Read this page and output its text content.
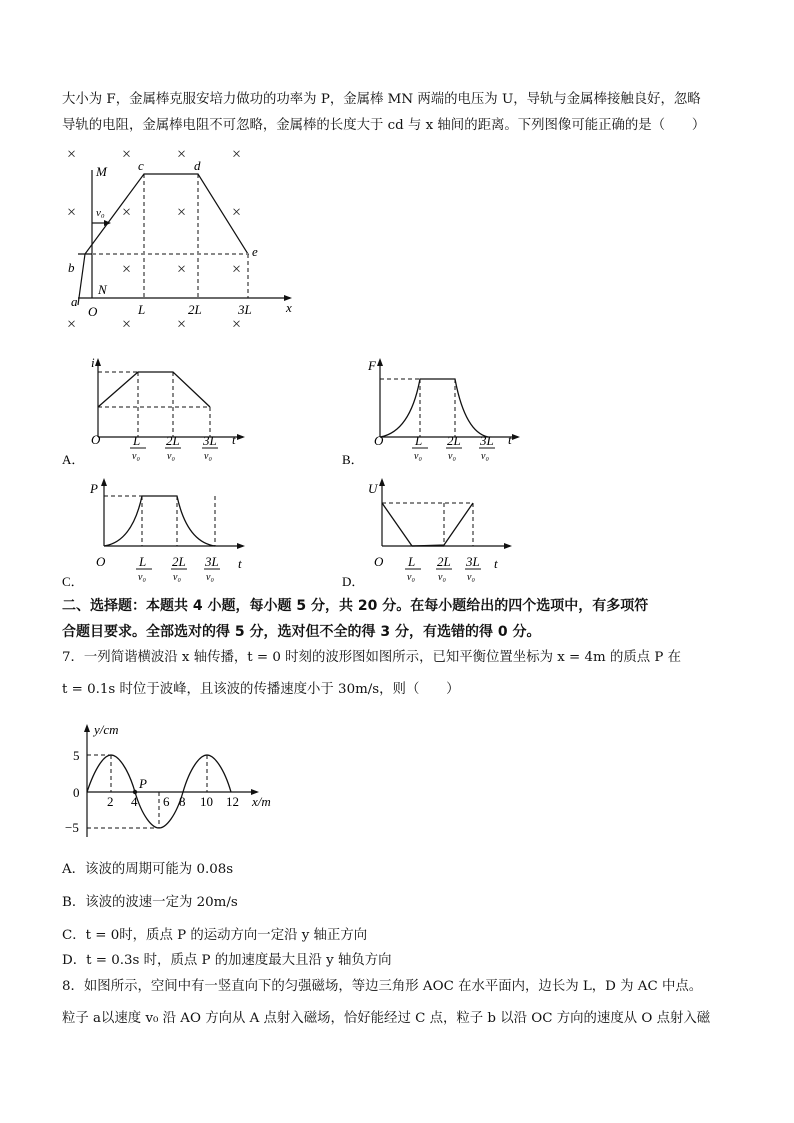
大小为 F，金属棒克服安培力做功的功率为 P，金属棒 MN 两端的电压为 U，导轨与金属棒接触良好，忽略
导轨的电阻，金属棒电阻不可忽略，金属棒的长度大于 cd 与 x 轴间的距离。下列图像可能正确的是（　　）
×	×	×	×
×	×	×	×
×	×	×
×	×	×	×
M
N
a
b
c	d
e
x
v₀
O	L	2L	3L
i
O	t
L 2L 3L
v₀	v₀	v₀
A．
F
O	t
L 2L 3L
v₀	v₀	v₀
B．
P
O	t
L 2L 3L
v₀	v₀	v₀
C．
U
O	t
L 2L 3L
v₀ v₀ v₀
D．
二、选择题：本题共 4 小题，每小题 5 分，共 20 分。在每小题给出的四个选项中，有多项符
合题目要求。全部选对的得 5 分，选对但不全的得 3 分，有选错的得 0 分。
7．一列简谐横波沿 x 轴传播，t = 0 时刻的波形图如图所示，已知平衡位置坐标为 x = 4m 的质点 P 在
t = 0.1s 时位于波峰，且该波的传播速度小于 30m/s，则（　　）
y/cm
5
0
−5
2 4 6 8 10 12 x/m
P
A．该波的周期可能为 0.08s
B．该波的波速一定为 20m/s
C．t = 0时，质点 P 的运动方向一定沿 y 轴正方向
D．t = 0.3s 时，质点 P 的加速度最大且沿 y 轴负方向
8．如图所示，空间中有一竖直向下的匀强磁场，等边三角形 AOC 在水平面内，边长为 L，D 为 AC 中点。
粒子 a以速度 v₀ 沿 AO 方向从 A 点射入磁场，恰好能经过 C 点，粒子 b 以沿 OC 方向的速度从 O 点射入磁
